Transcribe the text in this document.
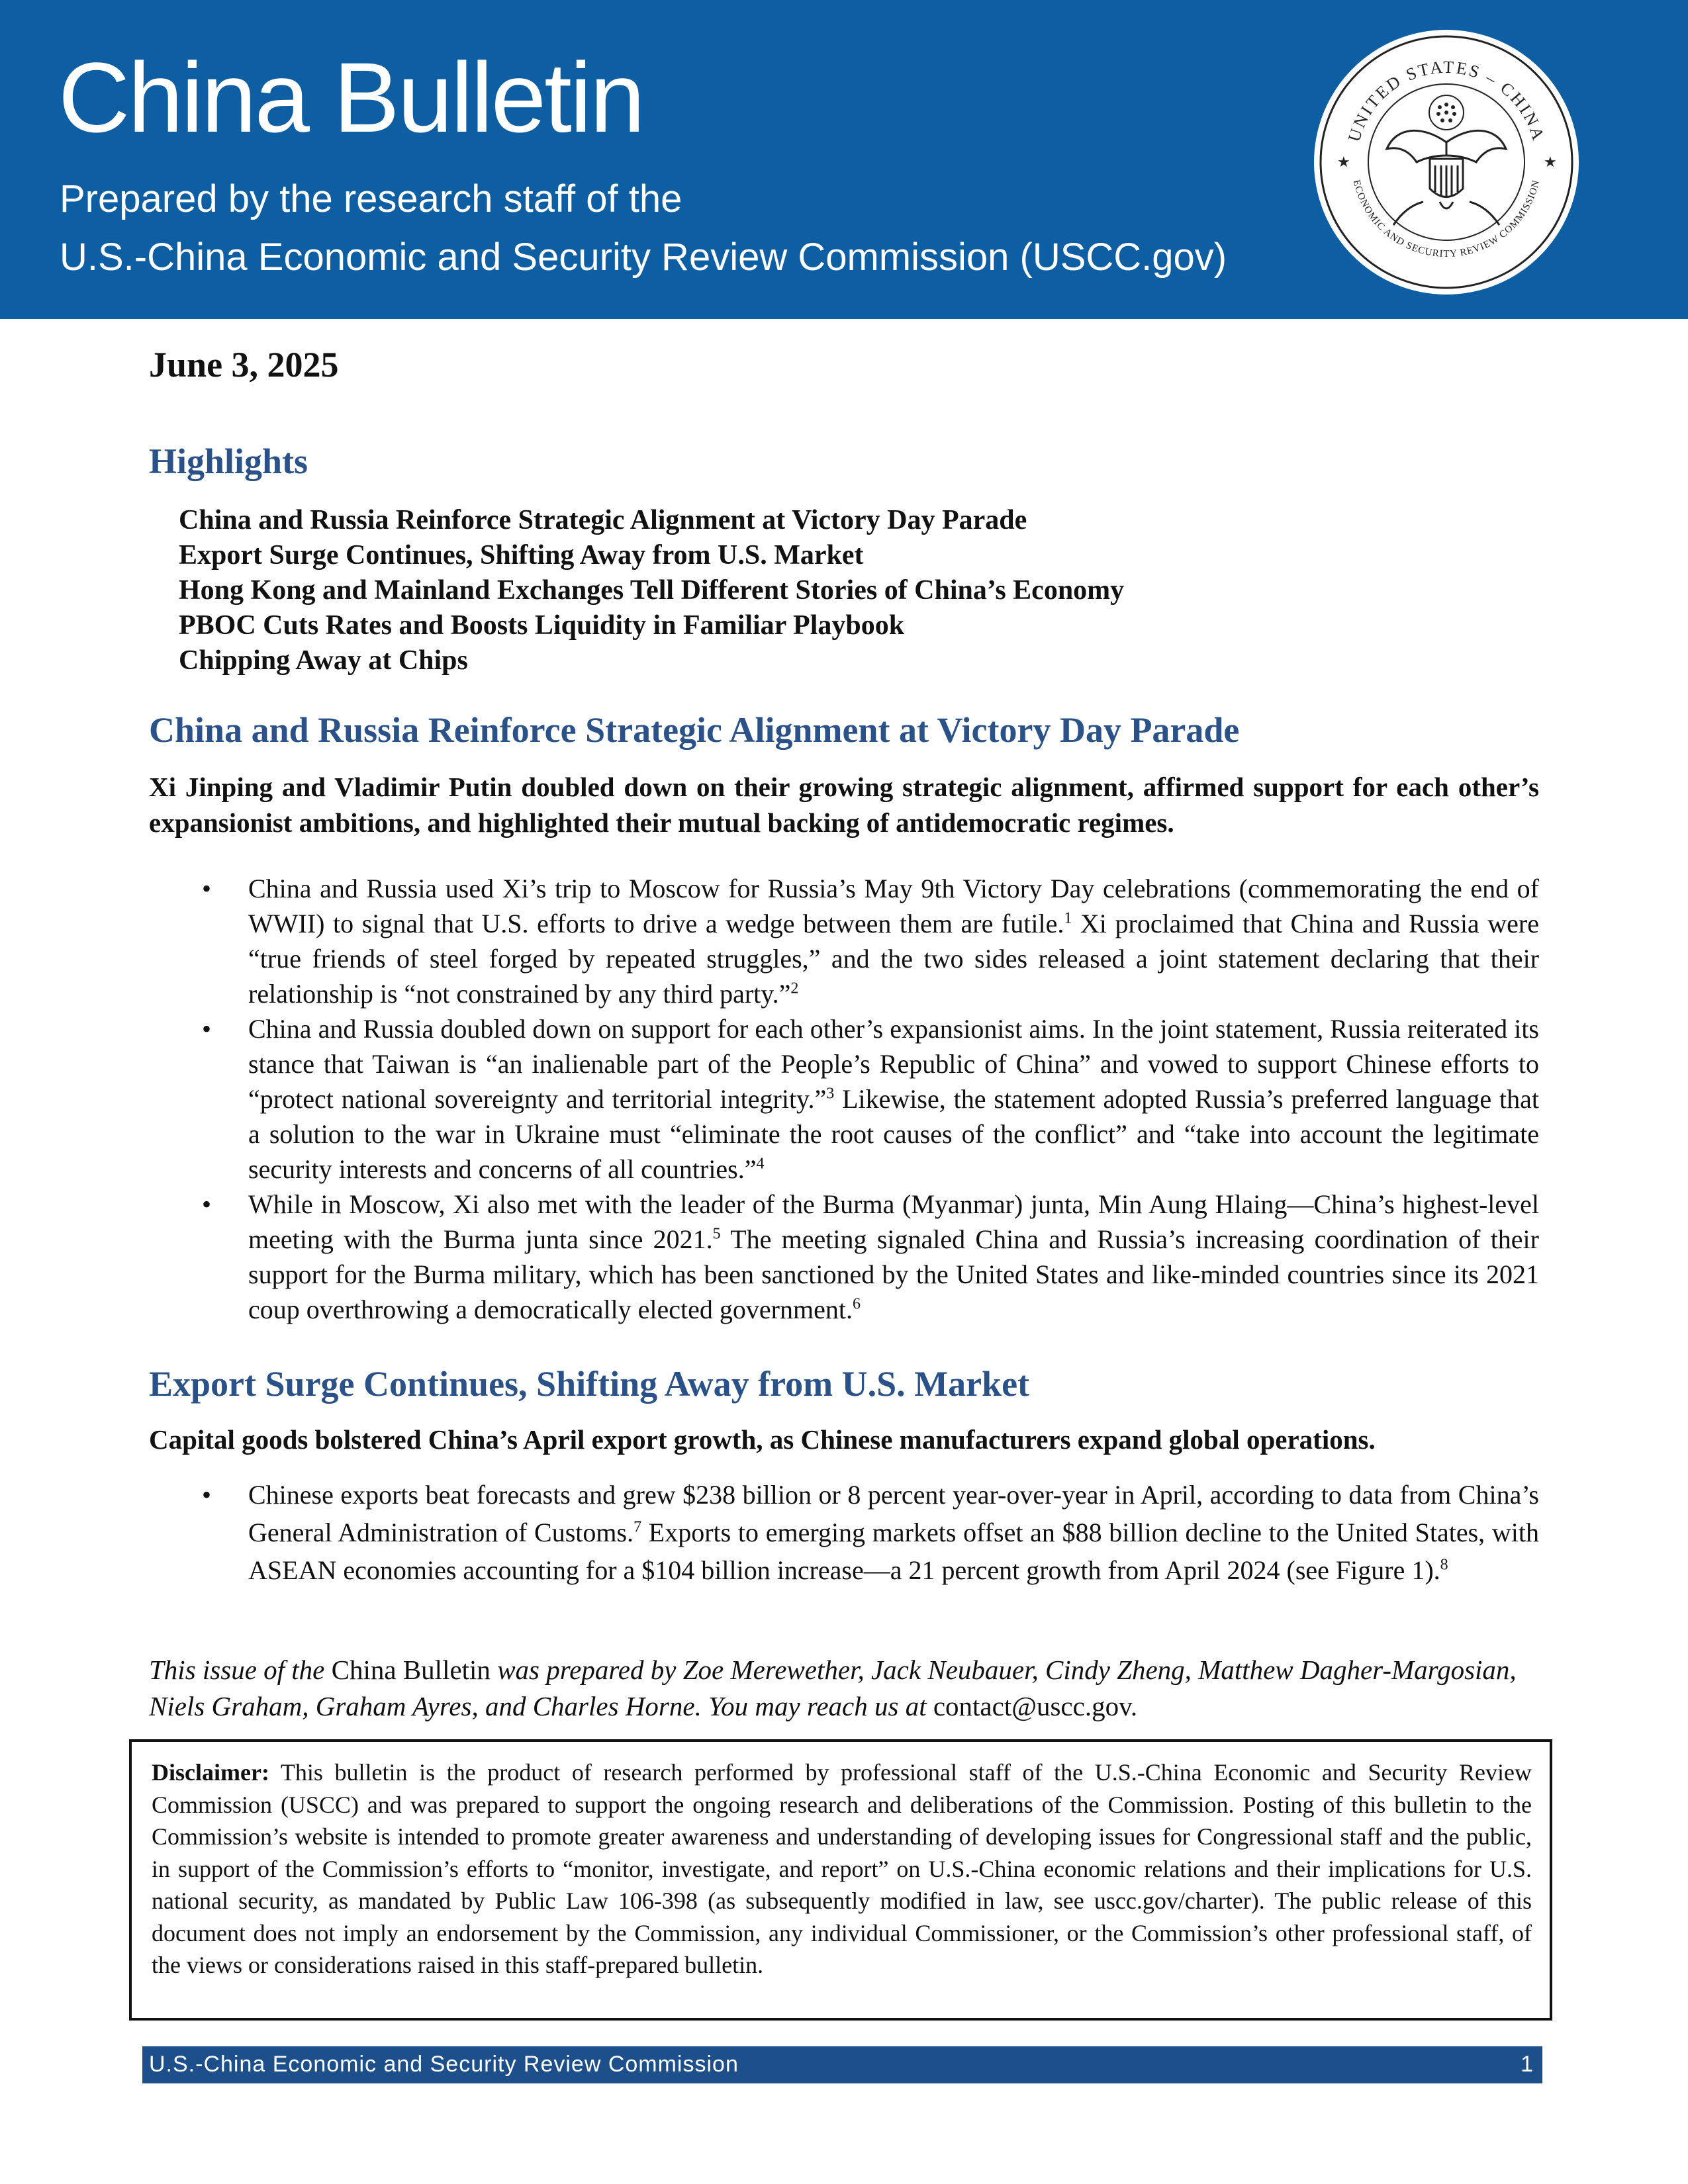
China Bulletin
Prepared by the research staff of the
U.S.-China Economic and Security Review Commission (USCC.gov)
UNITED STATES – CHINA
ECONOMIC AND SECURITY REVIEW COMMISSION
★	★
June 3, 2025
Highlights
China and Russia Reinforce Strategic Alignment at Victory Day Parade
Export Surge Continues, Shifting Away from U.S. Market
Hong Kong and Mainland Exchanges Tell Different Stories of China’s Economy
PBOC Cuts Rates and Boosts Liquidity in Familiar Playbook
Chipping Away at Chips
China and Russia Reinforce Strategic Alignment at Victory Day Parade
Xi Jinping and Vladimir Putin doubled down on their growing strategic alignment, affirmed support for each other’s expansionist ambitions, and highlighted their mutual backing of antidemocratic regimes.
• China and Russia used Xi’s trip to Moscow for Russia’s May 9th Victory Day celebrations (commemorating the end of WWII) to signal that U.S. efforts to drive a wedge between them are futile.$^1$ Xi proclaimed that China and Russia were “true friends of steel forged by repeated struggles,” and the two sides released a joint statement declaring that their relationship is “not constrained by any third party.”$^2$
• China and Russia doubled down on support for each other’s expansionist aims. In the joint statement, Russia reiterated its stance that Taiwan is “an inalienable part of the People’s Republic of China” and vowed to support Chinese efforts to “protect national sovereignty and territorial integrity.”$^3$ Likewise, the statement adopted Russia’s preferred language that a solution to the war in Ukraine must “eliminate the root causes of the conflict” and “take into account the legitimate security interests and concerns of all countries.”$^4$
• While in Moscow, Xi also met with the leader of the Burma (Myanmar) junta, Min Aung Hlaing—China’s highest-level meeting with the Burma junta since 2021.$^5$ The meeting signaled China and Russia’s increasing coordination of their support for the Burma military, which has been sanctioned by the United States and like-minded countries since its 2021 coup overthrowing a democratically elected government.$^6$
Export Surge Continues, Shifting Away from U.S. Market
Capital goods bolstered China’s April export growth, as Chinese manufacturers expand global operations.
• Chinese exports beat forecasts and grew $238 billion or 8 percent year-over-year in April, according to data from China’s General Administration of Customs.$^7$ Exports to emerging markets offset an $88 billion decline to the United States, with ASEAN economies accounting for a $104 billion increase—a 21 percent growth from April 2024 (see Figure 1).$^8$
This issue of the China Bulletin was prepared by Zoe Merewether, Jack Neubauer, Cindy Zheng, Matthew Dagher-Margosian, Niels Graham, Graham Ayres, and Charles Horne. You may reach us at contact@uscc.gov.
Disclaimer: This bulletin is the product of research performed by professional staff of the U.S.-China Economic and Security Review Commission (USCC) and was prepared to support the ongoing research and deliberations of the Commission. Posting of this bulletin to the Commission’s website is intended to promote greater awareness and understanding of developing issues for Congressional staff and the public, in support of the Commission’s efforts to “monitor, investigate, and report” on U.S.-China economic relations and their implications for U.S. national security, as mandated by Public Law 106-398 (as subsequently modified in law, see uscc.gov/charter). The public release of this document does not imply an endorsement by the Commission, any individual Commissioner, or the Commission’s other professional staff, of the views or considerations raised in this staff-prepared bulletin.
U.S.-China Economic and Security Review Commission	1
